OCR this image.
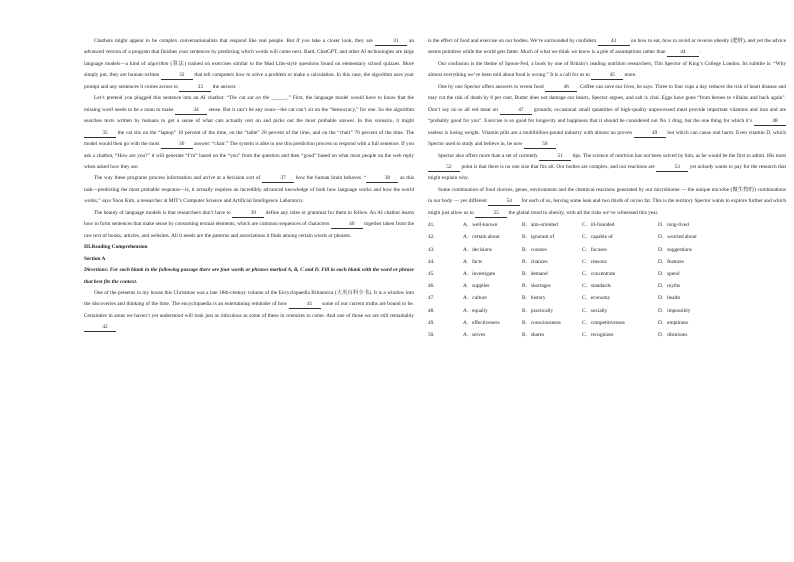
Chatbots might appear to be complex conversationalists that respond like real people. But if you take a closer look, they are	31 an advanced version of a program that finishes your sentences by predicting which words will come next. Bard, ChatGPT, and other AI technologies are large language models—a kind of algorithm (算法) trained on exercises similar to the Mad Libs-style questions found on elementary school quizzes. More simply put, they are human-written	32 that tell computers how to solve a problem or make a calculation. In this case, the algorithm uses your prompt and any sentences it comes across to	33 the answer.

Let’s pretend you plugged this sentence into an AI chatbot: “The cat sat on the ______.” First, the language model would have to know that the missing word needs to be a noun to make	34 sense. But it can’t be any noun—the cat can’t sit on the “democracy,” for one. So the algorithm searches texts written by humans to get a sense of what cats actually rest on and picks out the most probable answer. In this scenario, it might 35 the cat sits on the “laptop” 10 percent of the time, on the “table” 20 percent of the time, and on the “chair” 70 percent of the time. The model would then go with the most	36 answer: “chair.” The system is able to use this prediction process to respond with a full sentence. If you ask a chatbot, “How are you?” it will generate “I’m” based on the “you” from the question and then “good” based on what most people on the web reply when asked how they are.

The way these programs process information and arrive at a decision sort of	37 how the human brain behaves. “	38 as this task—predicting the most probable response—is, it actually requires an incredibly advanced knowledge of both how language works and how the world works,” says Yoon Kim, a researcher at MIT’s Computer Science and Artificial Intelligence Laboratory.

The beauty of language models is that researchers don’t have to	39 define any rules or grammar for them to follow. An AI chatbot learns how to form sentences that make sense by consuming textual elements, which are common sequences of characters	40 together taken from the raw text of books, articles, and websites. All it needs are the patterns and associations it finds among certain words or phrases.

III.Reading Comprehension

Section A

Directions: For each blank in the following passage there are four words or phrases marked A, B, C and D. Fill in each blank with the word or phrase that best fits the context.

One of the presents in my house this Christmas was a late 18th-century volume of the Encyclopaedia Britannica (大英百科全书). It is a window into the discoveries and thinking of the time. The encyclopaedia is an entertaining reminder of how	41 some of our current truths are bound to be. Certainties in areas we haven’t yet understood will look just as ridiculous as some of these in centuries to come. And one of those we are still remarkably 42

is the effect of food and exercise on our bodies. We’re surrounded by confident	43	on how to eat, how to avoid or reverse obesity (肥胖), and yet the advice seems pointless while the world gets fatter. Much of what we think we know is a pile of assumptions rather than	44	.

Our confusion is the theme of Spoon-Fed, a book by one of Britain’s leading nutrition researchers, Tim Spector of King’s College London. Its subtitle is: “Why almost everything we’ve been told about food is wrong.” It is a call for us to	45 more.

One by one Spector offers answers to recent food	46 . Coffee can save our lives, he says. Three to four cups a day reduces the risk of heart disease and may cut the risk of death by 8 per cent. Butter does not damage our hearts, Spector argues, and salt is vital. Eggs have gone “from heroes to villains and back again”. Don’t say no to all red meat on	47 grounds; occasional small quantities of high-quality unprocessed meat provide important vitamins and iron and are “probably good for you”. Exercise is so good for longevity and happiness that it should be considered our No 1 drug, but the one thing for which it’s	48 useless is losing weight. Vitamin pills are a multibillion-pound industry with almost no proven	49 but which can cause real harm. Even vitamin D, which Spector used to study and believe in, he now	50 .

Spector also offers more than a set of currently	51 tips. The science of nutrition has not been solved by him, as he would be the first to admit. His most 52 point is that there is no one size that fits all. Our bodies are complex, and our reactions are	53 yet nobody wants to pay for the research that might explain why.

Some combination of food choices, genes, environment and the chemical reactions generated by our microbiome — the unique microbe (微生物的) combinations in our body — yes different	54 for each of us, leaving some lean and two thirds of us too fat. This is the territory Spector wants to explore further and which might just allow us to	55 the global trend to obesity, with all the risks we’ve witnessed this year.

41.	A．well-known	B．aim-oriented	C．ill-founded	D．long-lived
42.	A．certain about	B．ignorant of	C．capable of	D．worried about
43.	A．decisions	B．courses	C．focuses	D．suggestions
44.	A．facts	B．chances	C．reasons	D．features
45.	A．investigate	B．demand	C．concentrate	D．spend
46.	A．supplies	B．shortages	C．standards	D．myths
47.	A．culture	B．history	C．economy	D．health
48.	A．equally	B．practically	C．socially	D．impossibly
49.	A．effectiveness	B．consciousness	C．competitiveness	D．emptiness
50.	A．serves	B．shares	C．recognizes	D．dismisses
